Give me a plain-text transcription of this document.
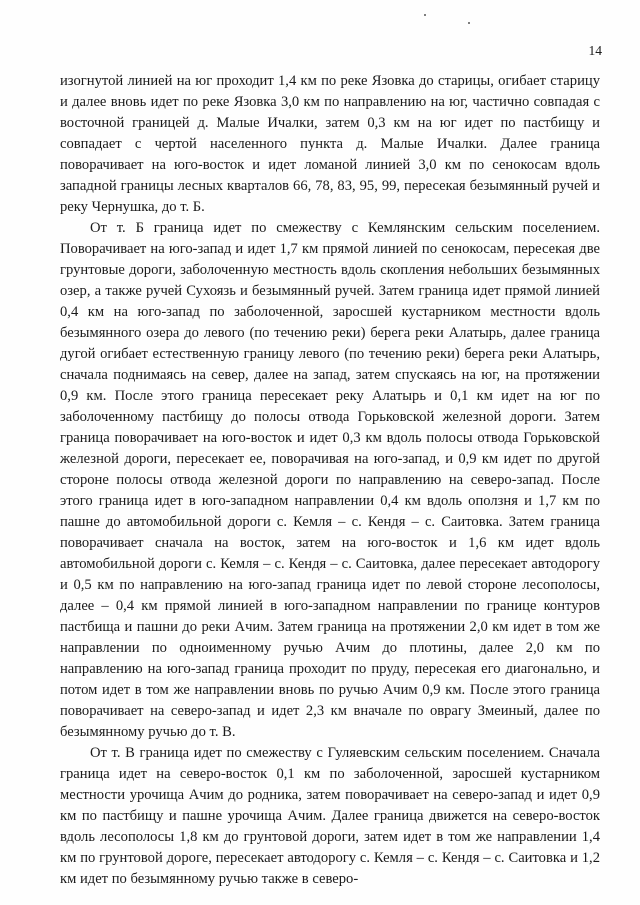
14

изогнутой линией на юг проходит 1,4 км по реке Язовка до старицы, огибает старицу и далее вновь идет по реке Язовка 3,0 км по направлению на юг, частично совпадая с восточной границей д. Малые Ичалки, затем 0,3 км на юг идет по пастбищу и совпадает с чертой населенного пункта д. Малые Ичалки. Далее граница поворачивает на юго-восток и идет ломаной линией 3,0 км по сенокосам вдоль западной границы лесных кварталов 66, 78, 83, 95, 99, пересекая безымянный ручей и реку Чернушка, до т. Б.

От т. Б граница идет по смежеству с Кемлянским сельским поселением. Поворачивает на юго-запад и идет 1,7 км прямой линией по сенокосам, пересекая две грунтовые дороги, заболоченную местность вдоль скопления небольших безымянных озер, а также ручей Сухоязь и безымянный ручей. Затем граница идет прямой линией 0,4 км на юго-запад по заболоченной, заросшей кустарником местности вдоль безымянного озера до левого (по течению реки) берега реки Алатырь, далее граница дугой огибает естественную границу левого (по течению реки) берега реки Алатырь, сначала поднимаясь на север, далее на запад, затем спускаясь на юг, на протяжении 0,9 км. После этого граница пересекает реку Алатырь и 0,1 км идет на юг по заболоченному пастбищу до полосы отвода Горьковской железной дороги. Затем граница поворачивает на юго-восток и идет 0,3 км вдоль полосы отвода Горьковской железной дороги, пересекает ее, поворачивая на юго-запад, и 0,9 км идет по другой стороне полосы отвода железной дороги по направлению на северо-запад. После этого граница идет в юго-западном направлении 0,4 км вдоль оползня и 1,7 км по пашне до автомобильной дороги с. Кемля – с. Кендя – с. Саитовка. Затем граница поворачивает сначала на восток, затем на юго-восток и 1,6 км идет вдоль автомобильной дороги с. Кемля – с. Кендя – с. Саитовка, далее пересекает автодорогу и 0,5 км по направлению на юго-запад граница идет по левой стороне лесополосы, далее – 0,4 км прямой линией в юго-западном направлении по границе контуров пастбища и пашни до реки Ачим. Затем граница на протяжении 2,0 км идет в том же направлении по одноименному ручью Ачим до плотины, далее 2,0 км по направлению на юго-запад граница проходит по пруду, пересекая его диагонально, и потом идет в том же направлении вновь по ручью Ачим 0,9 км. После этого граница поворачивает на северо-запад и идет 2,3 км вначале по оврагу Змеиный, далее по безымянному ручью до т. В.

От т. В граница идет по смежеству с Гуляевским сельским поселением. Сначала граница идет на северо-восток 0,1 км по заболоченной, заросшей кустарником местности урочища Ачим до родника, затем поворачивает на северо-запад и идет 0,9 км по пастбищу и пашне урочища Ачим. Далее граница движется на северо-восток вдоль лесополосы 1,8 км до грунтовой дороги, затем идет в том же направлении 1,4 км по грунтовой дороге, пересекает автодорогу с. Кемля – с. Кендя – с. Саитовка и 1,2 км идет по безымянному ручью также в северо-
